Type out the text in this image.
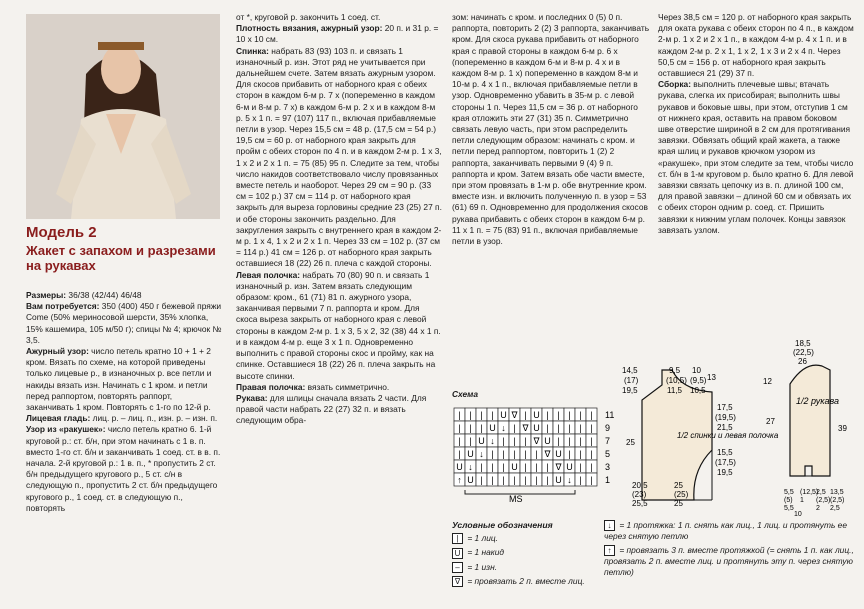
Модель 2
Жакет с запахом и разрезами на рукавах

Размеры: 36/38 (42/44) 46/48

Вам потребуется: 350 (400) 450 г бежевой пряжи Come (50% мериносовой шерсти, 35% хлопка, 15% кашемира, 105 м/50 г); спицы № 4; крючок № 3,5.

Ажурный узор: число петель кратно 10 + 1 + 2 кром. Вязать по схеме, на которой приведены только лицевые р., в изнаночных р. все петли и накиды вязать изн. Начинать с 1 кром. и петли перед раппортом, повторять раппорт, заканчивать 1 кром. Повторять с 1-го по 12-й р.

Лицевая гладь: лиц. р. – лиц. п., изн. р. – изн. п.

Узор из «ракушек»: число петель кратно 6. 1-й круговой р.: ст. б/н, при этом начинать с 1 в. п. вместо 1-го ст. б/н и заканчивать 1 соед. ст. в в. п. начала. 2-й круговой р.: 1 в. п., * пропустить 2 ст. б/н предыдущего кругового р., 5 ст. с/н в следующую п., пропустить 2 ст. б/н предыдущего кругового р., 1 соед. ст. в следующую п., повторять

от *, круговой р. закончить 1 соед. ст.

Плотность вязания, ажурный узор: 20 п. и 31 р. = 10 х 10 см.

Спинка: набрать 83 (93) 103 п. и связать 1 изнаночный р. изн. Этот ряд не учитывается при дальнейшем счете. Затем вязать ажурным узором. Для скосов прибавить от наборного края с обеих сторон в каждом 6-м р. 7 х (попеременно в каждом 6-м и 8-м р. 7 х) в каждом 6-м р. 2 х и в каждом 8-м р. 5 х 1 п. = 97 (107) 117 п., включая прибавляемые петли в узор. Через 15,5 см = 48 р. (17,5 см = 54 р.) 19,5 см = 60 р. от наборного края закрыть для пройм с обеих сторон по 4 п. и в каждом 2-м р. 1 х 3, 1 х 2 и 2 х 1 п. = 75 (85) 95 п. Следите за тем, чтобы число накидов соответствовало числу провязанных вместе петель и наоборот. Через 29 см = 90 р. (33 см = 102 р.) 37 см = 114 р. от наборного края закрыть для выреза горловины средние 23 (25) 27 п. и обе стороны закончить раздельно. Для закругления закрыть с внутреннего края в каждом 2-м р. 1 х 4, 1 х 2 и 2 х 1 п. Через 33 см = 102 р. (37 см = 114 р.) 41 см = 126 р. от наборного края закрыть оставшиеся 18 (22) 26 п. плеча с каждой стороны.

Левая полочка: набрать 70 (80) 90 п. и связать 1 изнаночный р. изн. Затем вязать следующим образом: кром., 61 (71) 81 п. ажурного узора, заканчивая первыми 7 п. раппорта и кром. Для скоса выреза закрыть от наборного края с левой стороны в каждом 2-м р. 1 х 3, 5 х 2, 32 (38) 44 х 1 п. и в каждом 4-м р. еще 3 х 1 п. Одновременно выполнить с правой стороны скос и пройму, как на спинке. Оставшиеся 18 (22) 26 п. плеча закрыть на высоте спинки.

Правая полочка: вязать симметрично.

Рукава: для шлицы сначала вязать 2 части. Для правой части набрать 22 (27) 32 п. и вязать следующим обра-

зом: начинать с кром. и последних 0 (5) 0 п. раппорта, повторить 2 (2) 3 раппорта, заканчивать кром. Для скоса рукава прибавить от наборного края с правой стороны в каждом 6-м р. 6 х (попеременно в каждом 6-м и 8-м р. 4 х и в каждом 8-м р. 1 х) попеременно в каждом 8-м и 10-м р. 4 х 1 п., включая прибавляемые петли в узор. Одновременно убавить в 35-м р. с левой стороны 1 п. Через 11,5 см = 36 р. от наборного края отложить эти 27 (31) 35 п. Симметрично связать левую часть, при этом распределить петли следующим образом: начинать с кром. и петли перед раппортом, повторить 1 (2) 2 раппорта, заканчивать первыми 9 (4) 9 п. раппорта и кром. Затем вязать обе части вместе, при этом провязать в 1-м р. обе внутренние кром. вместе изн. и включить полученную п. в узор = 53 (61) 69 п. Одновременно для продолжения скосов рукава прибавить с обеих сторон в каждом 6-м р. 11 х 1 п. = 75 (83) 91 п., включая прибавляемые петли в узор.

Через 38,5 см = 120 р. от наборного края закрыть для оката рукава с обеих сторон по 4 п., в каждом 2-м р. 1 х 2 и 2 х 1 п., в каждом 4-м р. 4 х 1 п. и в каждом 2-м р. 2 х 1, 1 х 2, 1 х 3 и 2 х 4 п. Через 50,5 см = 156 р. от наборного края закрыть оставшиеся 21 (29) 37 п.

Сборка: выполнить плечевые швы; втачать рукава, слегка их присобирая; выполнить швы рукавов и боковые швы, при этом, отступив 1 см от нижнего края, оставить на правом боковом шве отверстие шириной в 2 см для протягивания завязки. Обвязать общий край жакета, а также края шлиц и рукавов крючком узором из «ракушек», при этом следите за тем, чтобы число ст. б/н в 1-м круговом р. было кратно 6. Для левой завязки связать цепочку из в. п. длиной 100 см, для правой завязки – длиной 60 см и обвязать их с обеих сторон одним р. соед. ст. Пришить завязки к нижним углам полочек. Концы завязок завязать узлом.

Схема
| | | | U ∇ | U | | | | | 11
| | | U ↓ | ∇ U | | | | | 9
| | U ↓ | | | ∇ U | | | | 7
| U ↓ | | | | | ∇ U | | | 5
U ↓ | | | U | | | ∇ U | | 3
↑ U | | | | | | | U ↓ | | 1
MS
Условные обозначения
| = 1 лиц.
U = 1 накид
– = 1 изн.
∇ = провязать 2 п. вместе лиц.
↓ = 1 протяжка: 1 п. снять как лиц., 1 лиц. и протянуть ее через снятую петлю
↑ = провязать 3 п. вместе протяжкой (= снять 1 п. как лиц., провязать 2 п. вместе лиц. и протянуть эту п. через снятую петлю)
14,5
(17)
19,5
25
9,5
(10,5)
11,5
10
(9,5)
10,5
13
17,5
(19,5)
21,5
15,5
(17,5)
19,5
20,5
(23)
25,5
25
(25)
25
1/2 спинки и левая полочка
18,5
(22,5)
26
12
27
39
5,5
(5)
5,5
(12,5)
1
2,5
(2,5)
2
10
13,5
(2,5)
2,5
1/2 рукава
